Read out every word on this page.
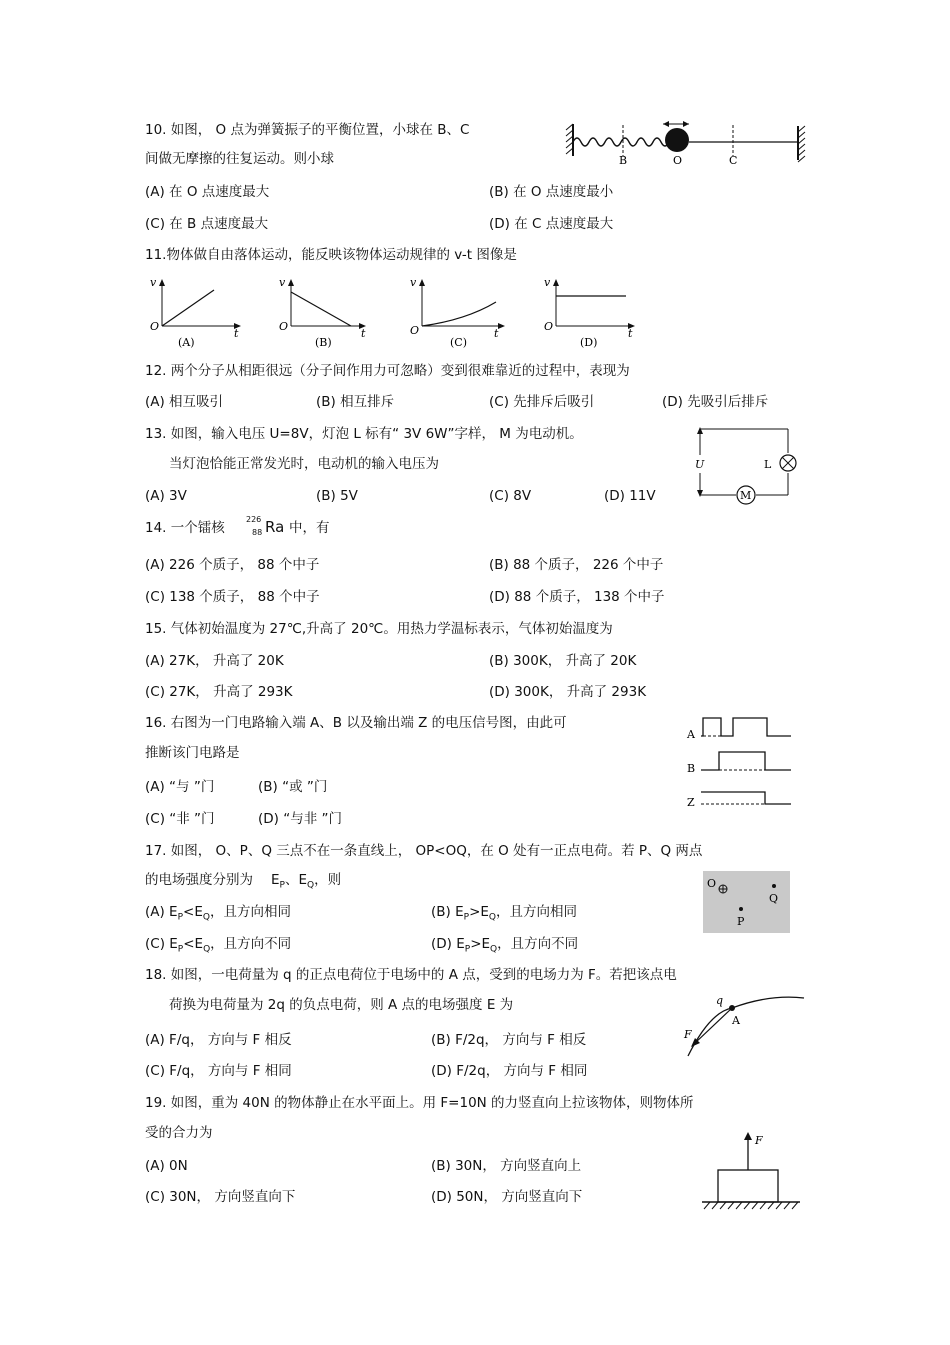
10. 如图， O 点为弹簧振子的平衡位置，小球在 B、C
间做无摩擦的往复运动。则小球	B	O	C
(A) 在 O 点速度最大	(B) 在 O 点速度最小
(C) 在 B 点速度最大	(D) 在 C 点速度最大
11.物体做自由落体运动，能反映该物体运动规律的 v-t 图像是
v
O
t
(A)
v
O
t
(B)
v
O	t
(C)
v
O
t
(D)
12. 两个分子从相距很远（分子间作用力可忽略）变到很难靠近的过程中，表现为
(A) 相互吸引	(B) 相互排斥	(C) 先排斥后吸引	(D) 先吸引后排斥
13. 如图，输入电压 U=8V，灯泡 L 标有“ 3V 6W”字样， M 为电动机。
当灯泡恰能正常发光时，电动机的输入电压为	U	L
M
(A) 3V	(B) 5V	(C) 8V	(D) 11V
14. 一个镭核
226
88 Ra 中，有
(A) 226 个质子， 88 个中子	(B) 88 个质子， 226 个中子
(C) 138 个质子， 88 个中子	(D) 88 个质子， 138 个中子
15. 气体初始温度为 27℃,升高了 20℃。用热力学温标表示，气体初始温度为
(A) 27K， 升高了 20K	(B) 300K， 升高了 20K
(C) 27K， 升高了 293K	(D) 300K， 升高了 293K
16. 右图为一门电路输入端 A、B 以及输出端 Z 的电压信号图，由此可
推断该门电路是
A
B
Z
(A) “与 ”门	(B) “或 ”门
(C) “非 ”门	(D) “与非 ”门
17. 如图， O、P、Q 三点不在一条直线上， OP<OQ，在 O 处有一正点电荷。若 P、Q 两点
的电场强度分别为 $E_P$、$E_Q$，则	O
Q
P
(A) $E_P<E_Q$，且方向相同	(B) $E_P>E_Q$，且方向相同
(C) $E_P<E_Q$，且方向不同	(D) $E_P>E_Q$，且方向不同
18. 如图，一电荷量为 q 的正点电荷位于电场中的 A 点，受到的电场力为 F。若把该点电
荷换为电荷量为 2q 的负点电荷，则 A 点的电场强度 E 为	q
A
F
(A) F/q， 方向与 F 相反	(B) F/2q， 方向与 F 相反
(C) F/q， 方向与 F 相同	(D) F/2q， 方向与 F 相同
19. 如图，重为 40N 的物体静止在水平面上。用 F=10N 的力竖直向上拉该物体，则物体所
受的合力为	F
(A) 0N	(B) 30N， 方向竖直向上
(C) 30N， 方向竖直向下	(D) 50N， 方向竖直向下
